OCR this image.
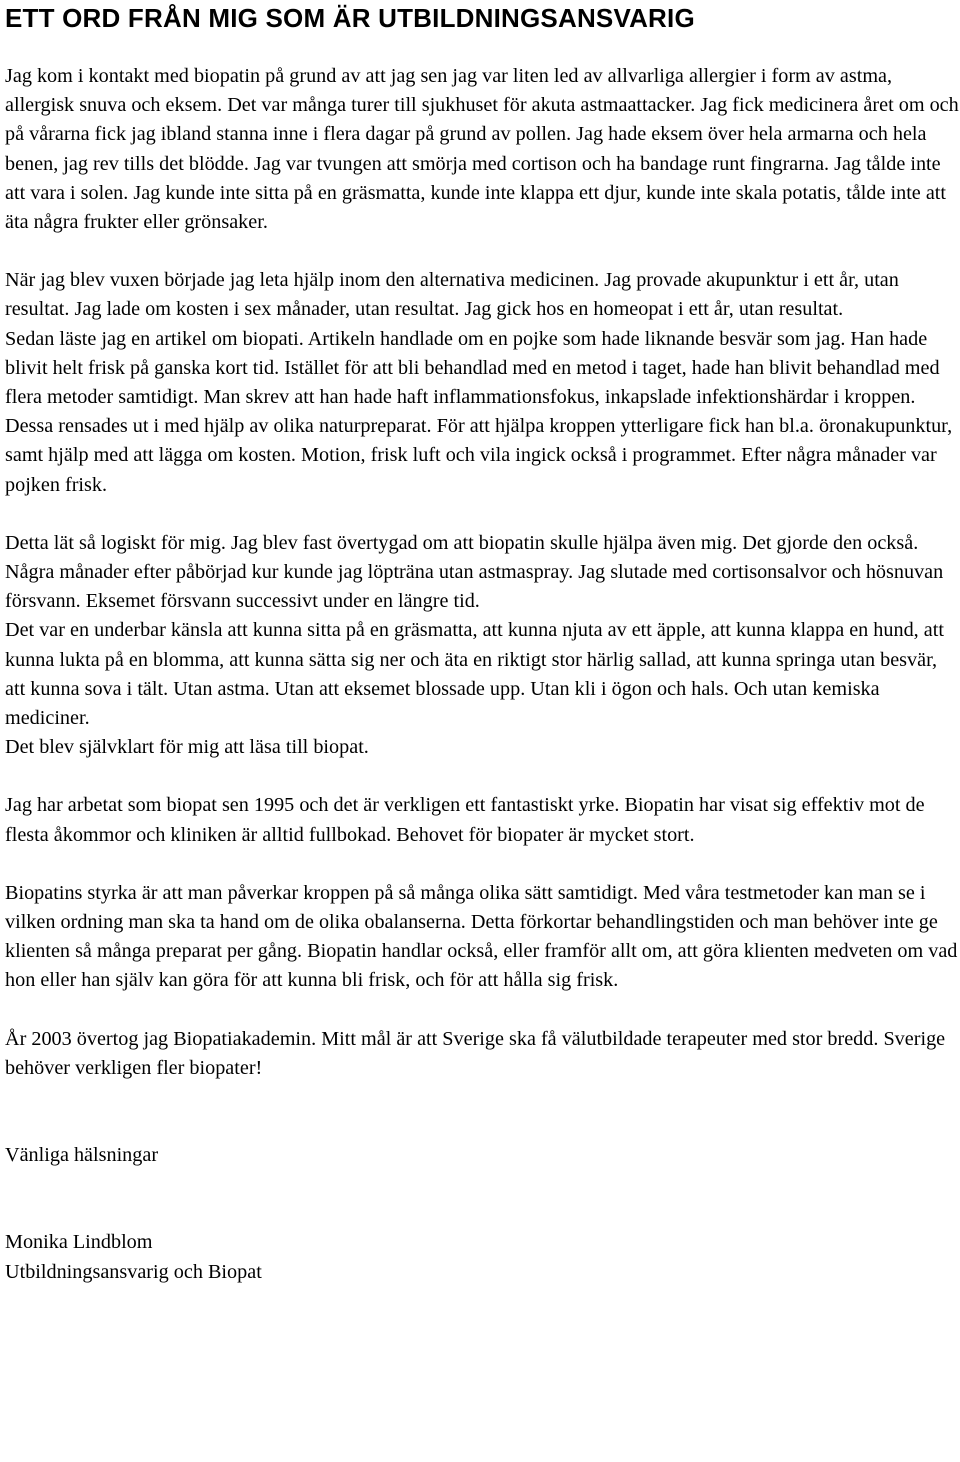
ETT ORD FRÅN MIG SOM ÄR UTBILDNINGSANSVARIG

Jag kom i kontakt med biopatin på grund av att jag sen jag var liten led av allvarliga allergier i form av astma, allergisk snuva och eksem. Det var många turer till sjukhuset för akuta astmaattacker. Jag fick medicinera året om och på vårarna fick jag ibland stanna inne i flera dagar på grund av pollen. Jag hade eksem över hela armarna och hela benen, jag rev tills det blödde. Jag var tvungen att smörja med cortison och ha bandage runt fingrarna. Jag tålde inte att vara i solen. Jag kunde inte sitta på en gräsmatta, kunde inte klappa ett djur, kunde inte skala potatis, tålde inte att äta några frukter eller grönsaker.

När jag blev vuxen började jag leta hjälp inom den alternativa medicinen. Jag provade akupunktur i ett år, utan resultat. Jag lade om kosten i sex månader, utan resultat. Jag gick hos en homeopat i ett år, utan resultat.

Sedan läste jag en artikel om biopati. Artikeln handlade om en pojke som hade liknande besvär som jag. Han hade blivit helt frisk på ganska kort tid. Istället för att bli behandlad med en metod i taget, hade han blivit behandlad med flera metoder samtidigt. Man skrev att han hade haft inflammationsfokus, inkapslade infektionshärdar i kroppen. Dessa rensades ut i med hjälp av olika naturpreparat. För att hjälpa kroppen ytterligare fick han bl.a. öronakupunktur, samt hjälp med att lägga om kosten. Motion, frisk luft och vila ingick också i programmet. Efter några månader var pojken frisk.

Detta lät så logiskt för mig. Jag blev fast övertygad om att biopatin skulle hjälpa även mig. Det gjorde den också. Några månader efter påbörjad kur kunde jag löpträna utan astmaspray. Jag slutade med cortisonsalvor och hösnuvan försvann. Eksemet försvann successivt under en längre tid.

Det var en underbar känsla att kunna sitta på en gräsmatta, att kunna njuta av ett äpple, att kunna klappa en hund, att kunna lukta på en blomma, att kunna sätta sig ner och äta en riktigt stor härlig sallad, att kunna springa utan besvär, att kunna sova i tält. Utan astma. Utan att eksemet blossade upp. Utan kli i ögon och hals. Och utan kemiska mediciner.

Det blev självklart för mig att läsa till biopat.

Jag har arbetat som biopat sen 1995 och det är verkligen ett fantastiskt yrke. Biopatin har visat sig effektiv mot de flesta åkommor och kliniken är alltid fullbokad. Behovet för biopater är mycket stort.

Biopatins styrka är att man påverkar kroppen på så många olika sätt samtidigt. Med våra testmetoder kan man se i vilken ordning man ska ta hand om de olika obalanserna. Detta förkortar behandlingstiden och man behöver inte ge klienten så många preparat per gång. Biopatin handlar också, eller framför allt om, att göra klienten medveten om vad hon eller han själv kan göra för att kunna bli frisk, och för att hålla sig frisk.

År 2003 övertog jag Biopatiakademin. Mitt mål är att Sverige ska få välutbildade terapeuter med stor bredd. Sverige behöver verkligen fler biopater!

Vänliga hälsningar

Monika Lindblom

Utbildningsansvarig och Biopat
